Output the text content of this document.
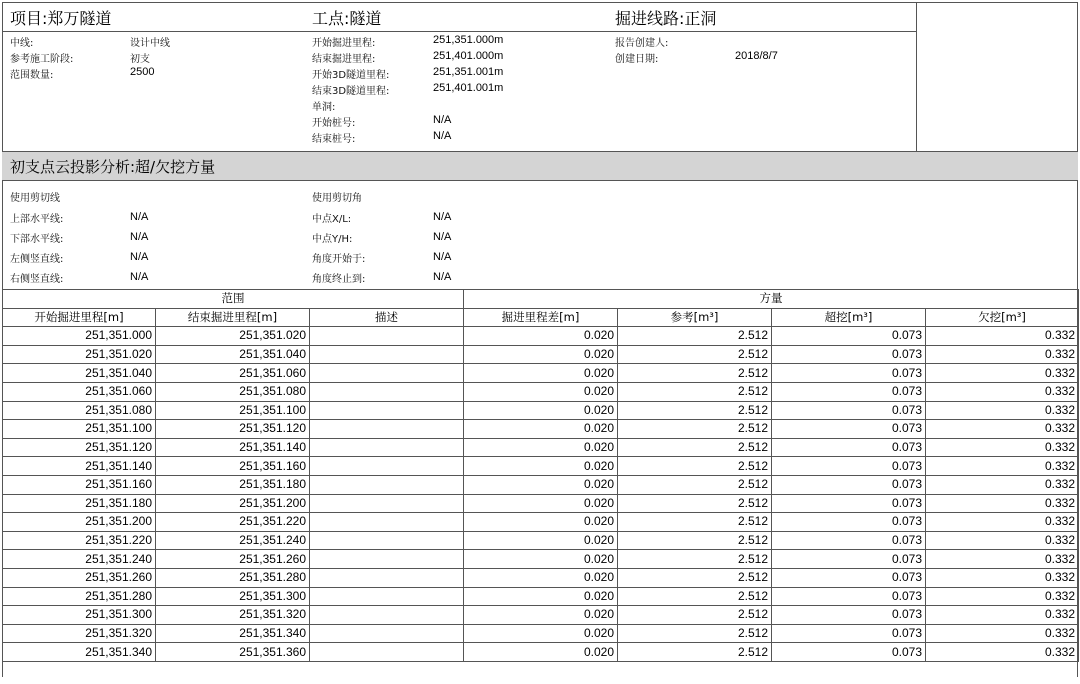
项目:郑万隧道	工点:隧道	掘进线路:正洞
中线:	设计中线
参考施工阶段:	初支
范围数量:	2500
开始掘进里程:	251,351.000m
结束掘进里程:	251,401.000m
开始3D隧道里程:	251,351.001m
结束3D隧道里程:	251,401.001m
单洞:
开始桩号:	N/A
结束桩号:	N/A
报告创建人:
创建日期:	2018/8/7
初支点云投影分析:超/欠挖方量
使用剪切线	使用剪切角
上部水平线:	N/A
下部水平线:	N/A
左侧竖直线:	N/A
右侧竖直线:	N/A
中点X/L:	N/A
中点Y/H:	N/A
角度开始于:	N/A
角度终止到:	N/A
范围			方量			
开始掘进里程[m]	结束掘进里程[m]	描述	掘进里程差[m]	参考[m³]	超挖[m³]	欠挖[m³]
251,351.000	251,351.020		0.020	2.512	0.073	0.332
251,351.020	251,351.040		0.020	2.512	0.073	0.332
251,351.040	251,351.060		0.020	2.512	0.073	0.332
251,351.060	251,351.080		0.020	2.512	0.073	0.332
251,351.080	251,351.100		0.020	2.512	0.073	0.332
251,351.100	251,351.120		0.020	2.512	0.073	0.332
251,351.120	251,351.140		0.020	2.512	0.073	0.332
251,351.140	251,351.160		0.020	2.512	0.073	0.332
251,351.160	251,351.180		0.020	2.512	0.073	0.332
251,351.180	251,351.200		0.020	2.512	0.073	0.332
251,351.200	251,351.220		0.020	2.512	0.073	0.332
251,351.220	251,351.240		0.020	2.512	0.073	0.332
251,351.240	251,351.260		0.020	2.512	0.073	0.332
251,351.260	251,351.280		0.020	2.512	0.073	0.332
251,351.280	251,351.300		0.020	2.512	0.073	0.332
251,351.300	251,351.320		0.020	2.512	0.073	0.332
251,351.320	251,351.340		0.020	2.512	0.073	0.332
251,351.340	251,351.360		0.020	2.512	0.073	0.332
